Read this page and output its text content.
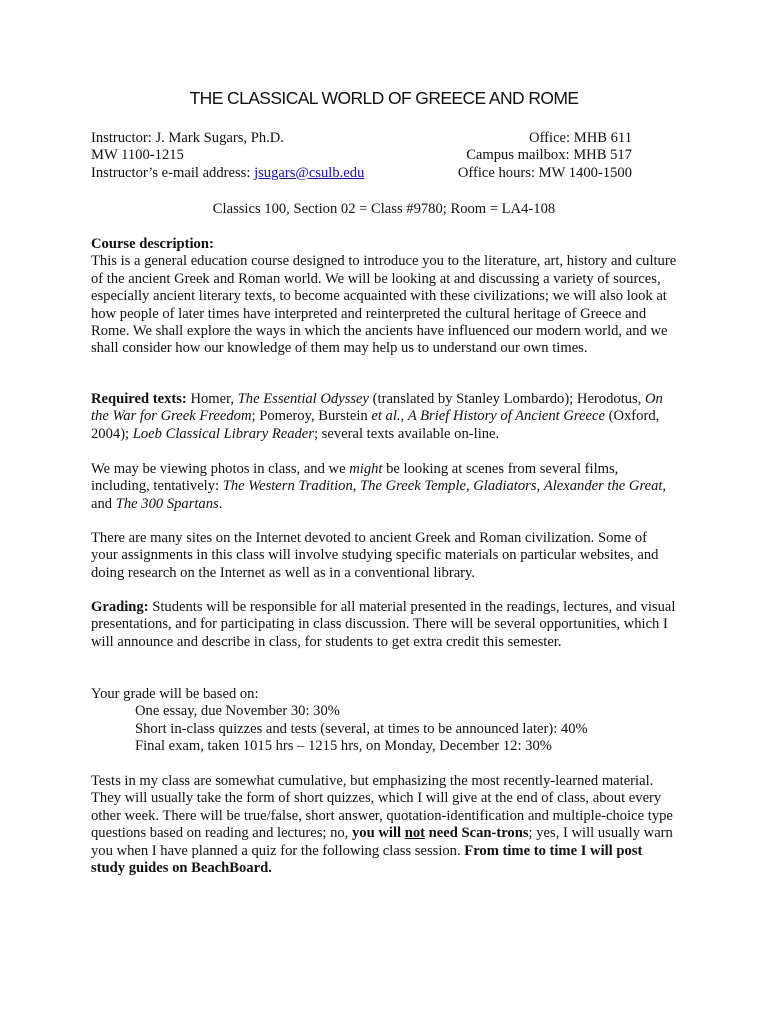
THE CLASSICAL WORLD OF GREECE AND ROME
Instructor: J. Mark Sugars, Ph.D.	Office: MHB 611
MW 1100-1215	Campus mailbox: MHB 517
Instructor’s e-mail address: jsugars@csulb.edu	Office hours: MW 1400-1500
Classics 100, Section 02 = Class #9780; Room = LA4-108

Course description:

This is a general education course designed to introduce you to the literature, art, history and culture of the ancient Greek and Roman world. We will be looking at and discussing a variety of sources, especially ancient literary texts, to become acquainted with these civilizations; we will also look at how people of later times have interpreted and reinterpreted the cultural heritage of Greece and Rome. We shall explore the ways in which the ancients have influenced our modern world, and we shall consider how our knowledge of them may help us to understand our own times.

Required texts: Homer, The Essential Odyssey (translated by Stanley Lombardo); Herodotus, On the War for Greek Freedom; Pomeroy, Burstein et al., A Brief History of Ancient Greece (Oxford, 2004); Loeb Classical Library Reader; several texts available on-line.

We may be viewing photos in class, and we might be looking at scenes from several films, including, tentatively: The Western Tradition, The Greek Temple, Gladiators, Alexander the Great, and The 300 Spartans.

There are many sites on the Internet devoted to ancient Greek and Roman civilization. Some of your assignments in this class will involve studying specific materials on particular websites, and doing research on the Internet as well as in a conventional library.

Grading: Students will be responsible for all material presented in the readings, lectures, and visual presentations, and for participating in class discussion. There will be several opportunities, which I will announce and describe in class, for students to get extra credit this semester.

Your grade will be based on:

One essay, due November 30: 30%

Short in-class quizzes and tests (several, at times to be announced later): 40%

Final exam, taken 1015 hrs – 1215 hrs, on Monday, December 12: 30%

Tests in my class are somewhat cumulative, but emphasizing the most recently-learned material. They will usually take the form of short quizzes, which I will give at the end of class, about every other week. There will be true/false, short answer, quotation-identification and multiple-choice type questions based on reading and lectures; no, you will not need Scan-trons; yes, I will usually warn you when I have planned a quiz for the following class session. From time to time I will post study guides on BeachBoard.
